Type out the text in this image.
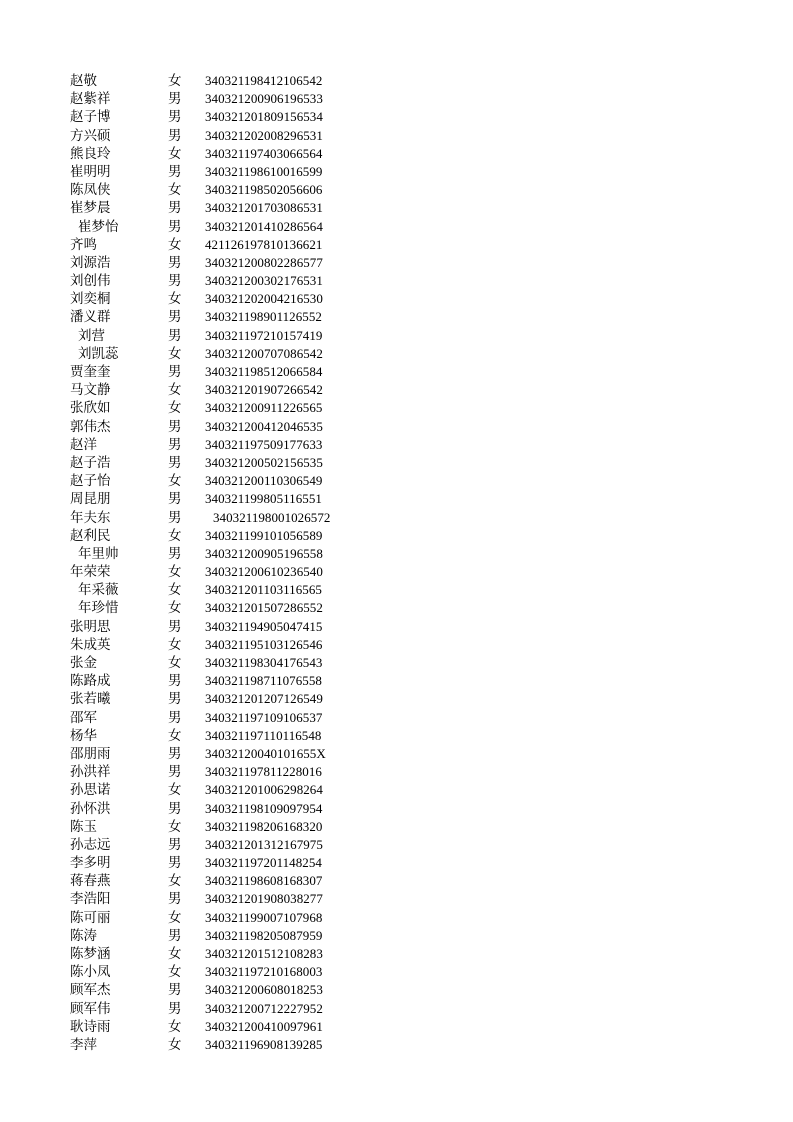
赵敬	女 340321198412106542
赵紫祥	男 340321200906196533
赵子博	男 340321201809156534
方兴硕	男 340321202008296531
熊良玲	女 340321197403066564
崔明明	男 340321198610016599
陈凤侠	女 340321198502056606
崔梦晨	男 340321201703086531
崔梦怡	男 340321201410286564
齐鸣	女 421126197810136621
刘源浩	男 340321200802286577
刘创伟	男 340321200302176531
刘奕桐	女 340321202004216530
潘义群	男 340321198901126552
刘营	男 340321197210157419
刘凯蕊	女 340321200707086542
贾奎奎	男 340321198512066584
马文静	女 340321201907266542
张欣如	女 340321200911226565
郭伟杰	男 340321200412046535
赵洋	男 340321197509177633
赵子浩	男 340321200502156535
赵子怡	女 340321200110306549
周昆朋	男 340321199805116551
年夫东	男 340321198001026572
赵利民	女 340321199101056589
年里帅	男 340321200905196558
年荣荣	女 340321200610236540
年采薇	女 340321201103116565
年珍惜	女 340321201507286552
张明思	男 340321194905047415
朱成英	女 340321195103126546
张金	女 340321198304176543
陈路成	男 340321198711076558
张若曦	男 340321201207126549
邵军	男 340321197109106537
杨华	女 340321197110116548
邵朋雨	男 34032120040101655X
孙洪祥	男 340321197811228016
孙思诺	女 340321201006298264
孙怀洪	男 340321198109097954
陈玉	女 340321198206168320
孙志远	男 340321201312167975
李多明	男 340321197201148254
蒋春燕	女 340321198608168307
李浩阳	男 340321201908038277
陈可丽	女 340321199007107968
陈涛	男 340321198205087959
陈梦涵	女 340321201512108283
陈小凤	女 340321197210168003
顾军杰	男 340321200608018253
顾军伟	男 340321200712227952
耿诗雨	女 340321200410097961
李萍	女 340321196908139285
